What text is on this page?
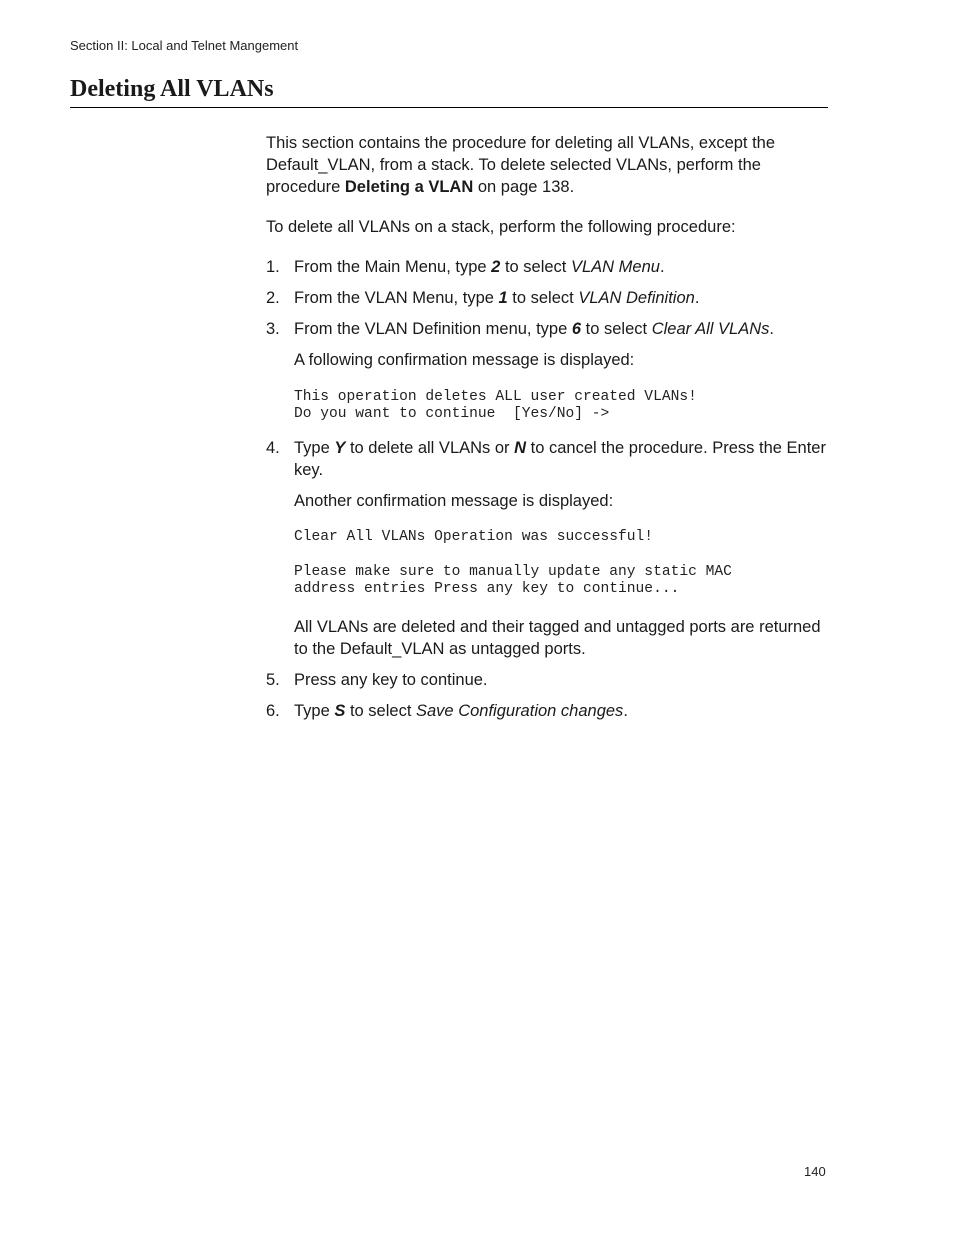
Section II: Local and Telnet Mangement
Deleting All VLANs

This section contains the procedure for deleting all VLANs, except the Default_VLAN, from a stack. To delete selected VLANs, perform the procedure Deleting a VLAN on page 138.

To delete all VLANs on a stack, perform the following procedure:

1. From the Main Menu, type 2 to select VLAN Menu.
2. From the VLAN Menu, type 1 to select VLAN Definition.
3. From the VLAN Definition menu, type 6 to select Clear All VLANs.

A following confirmation message is displayed:

This operation deletes ALL user created VLANs!
Do you want to continue  [Yes/No] ->
4. Type Y to delete all VLANs or N to cancel the procedure. Press the Enter key.

Another confirmation message is displayed:

Clear All VLANs Operation was successful!
Please make sure to manually update any static MAC
address entries Press any key to continue...

All VLANs are deleted and their tagged and untagged ports are returned to the Default_VLAN as untagged ports.

5. Press any key to continue.
6. Type S to select Save Configuration changes.
140
